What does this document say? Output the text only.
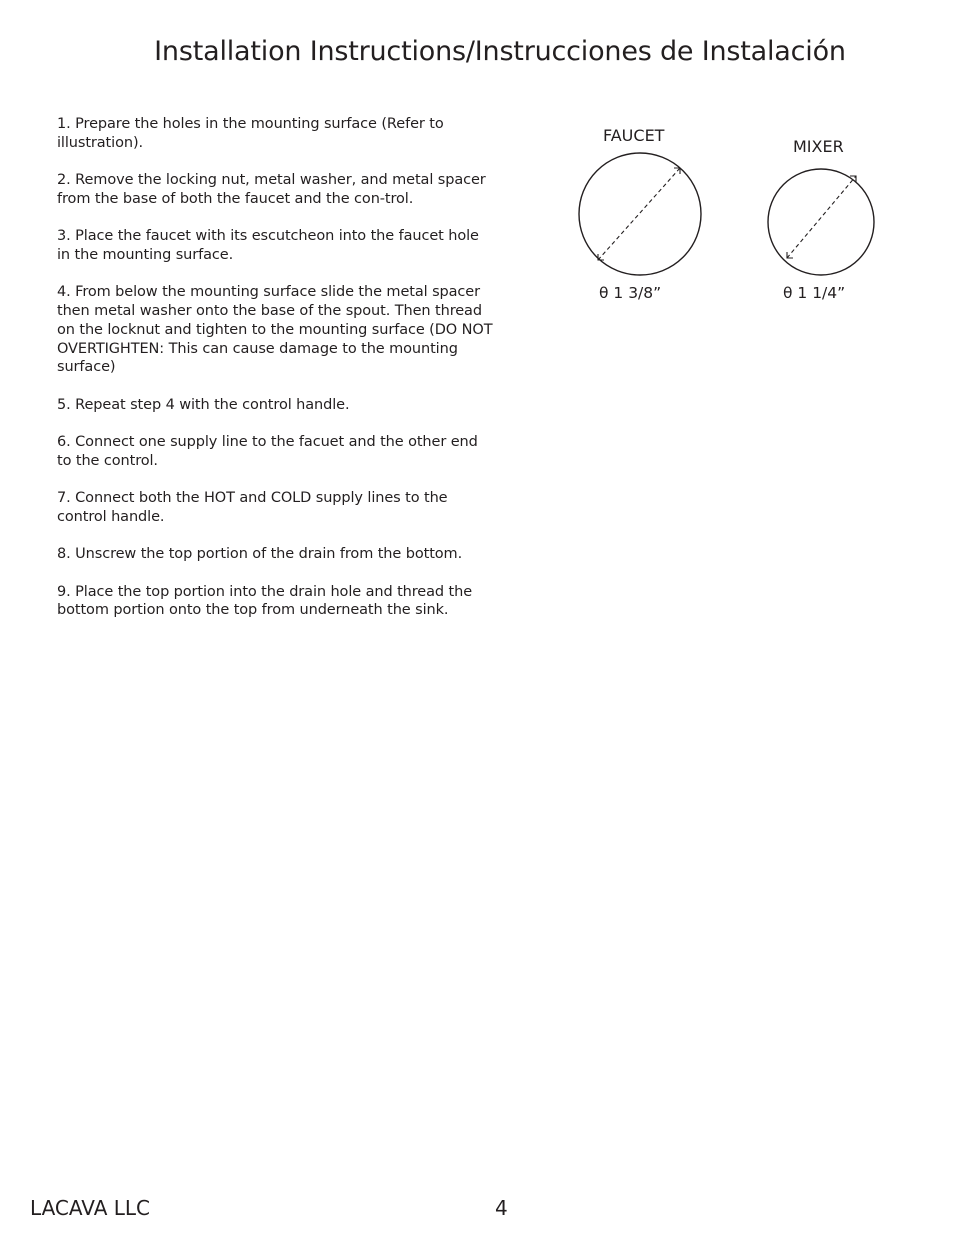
Installation Instructions/Instrucciones de Instalación

1. Prepare the holes in the mounting surface (Refer to illustration).

2. Remove the locking nut, metal washer, and metal spacer from the base of both the faucet and the con-trol.

3. Place the faucet with its escutcheon into the faucet hole in the mounting surface.

4. From below the mounting surface slide the metal spacer then metal washer onto the base of the spout. Then thread on the locknut and tighten to the mounting surface (DO NOT OVERTIGHTEN: This can cause damage to the mounting surface)

5. Repeat step 4 with the control handle.

6. Connect one supply line to the facuet and the other end to the control.

7. Connect both the HOT and COLD supply lines to the control handle.

8. Unscrew the top portion of the drain from the bottom.

9. Place the top portion into the drain hole and thread the bottom portion onto the top from underneath the sink.

FAUCET
MIXER
θ 1 3/8”	θ 1 1/4”
LACAVA LLC	4
